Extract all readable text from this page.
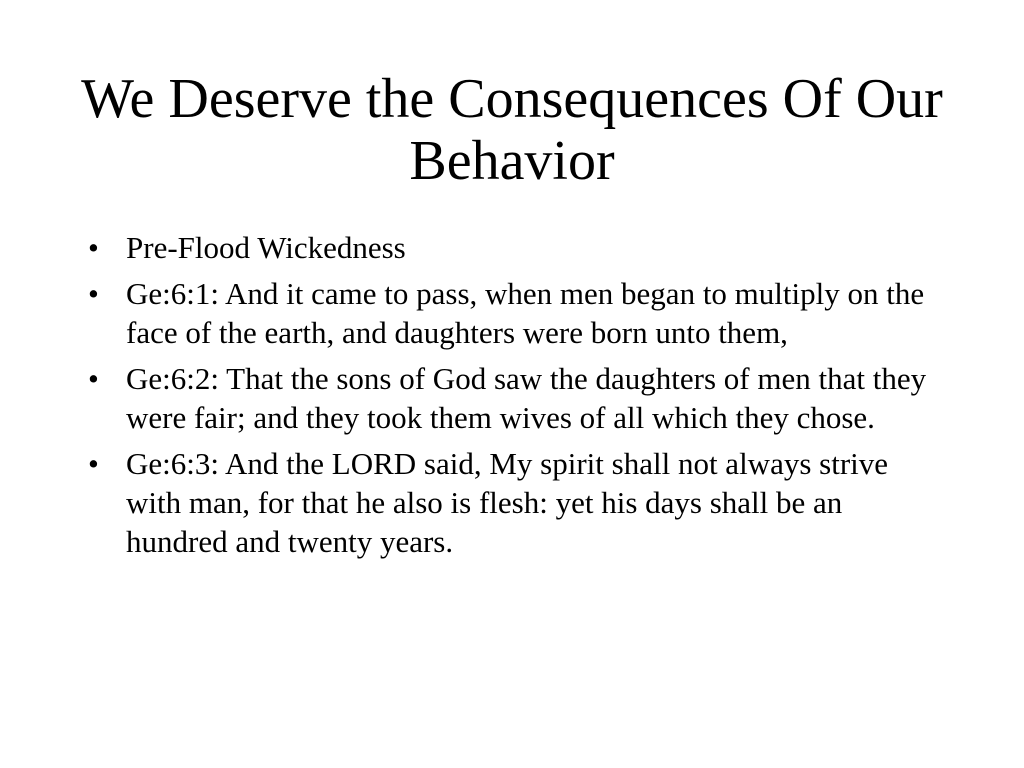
We Deserve the Consequences Of Our Behavior
• Pre-Flood Wickedness
• Ge:6:1: And it came to pass, when men began to multiply on the face of the earth, and daughters were born unto them,
• Ge:6:2: That the sons of God saw the daughters of men that they were fair; and they took them wives of all which they chose.
• Ge:6:3: And the LORD said, My spirit shall not always strive with man, for that he also is flesh: yet his days shall be an hundred and twenty years.
